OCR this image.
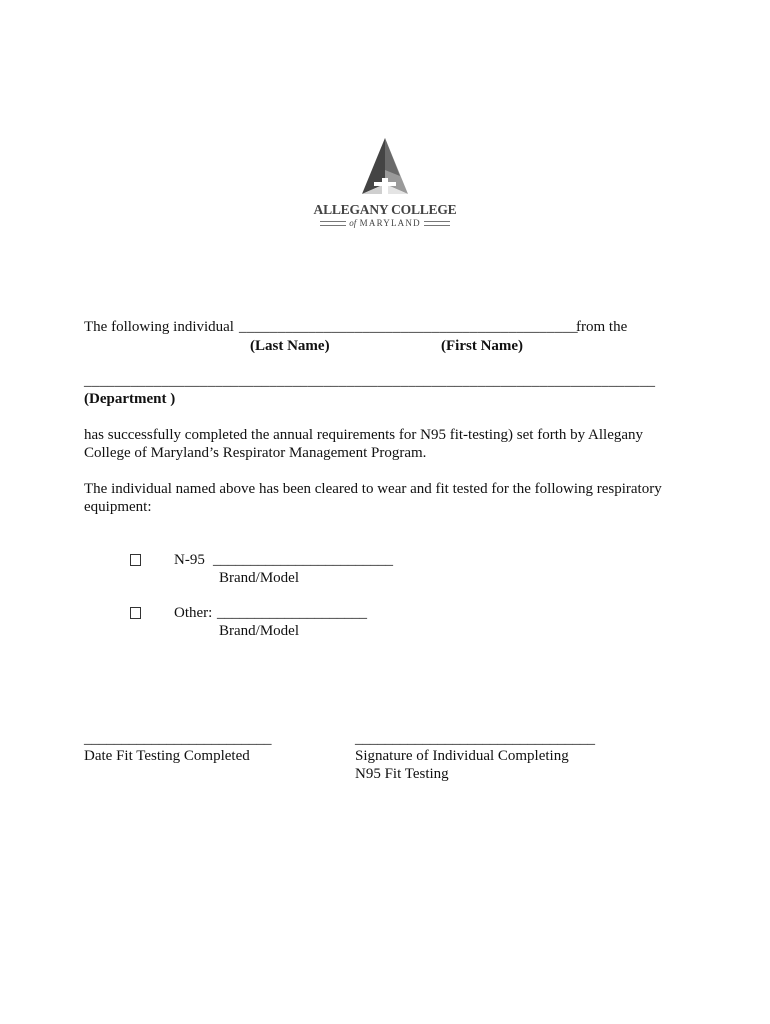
ALLEGANY COLLEGE
of MARYLAND
The following individual ____________________________________________
from the
(Last Name)	(First Name)
__________________________________________________________________________
(Department )
has successfully completed the annual requirements for N95 fit-testing) set forth by Allegany
College of Maryland’s Respirator Management Program.
The individual named above has been cleared to wear and fit tested for the following respiratory
equipment:
N-95 ________________________
Brand/Model
Other: ____________________
Brand/Model
_________________________
Date Fit Testing Completed
________________________________
Signature of Individual Completing
N95 Fit Testing
